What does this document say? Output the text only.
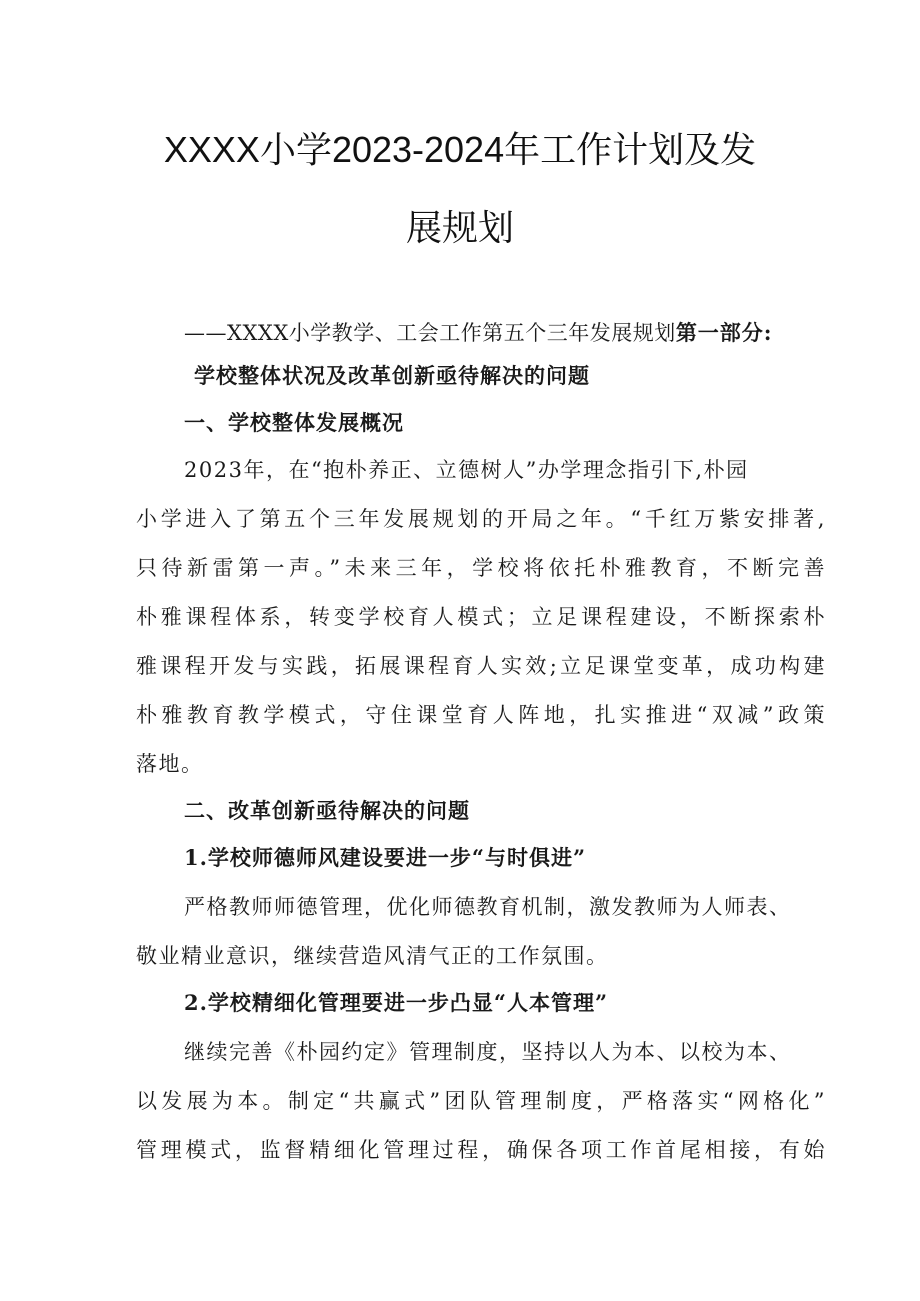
XXXX小学2023-2024年工作计划及发
展规划
——XXXX小学教学、工会工作第五个三年发展规划第一部分:
学校整体状况及改革创新亟待解决的问题
一、学校整体发展概况
2023年，在“抱朴养正、立德树人”办学理念指引下,朴园
小学进入了第五个三年发展规划的开局之年。“千红万紫安排著,
只待新雷第一声。”未来三年，学校将依托朴雅教育，不断完善
朴雅课程体系，转变学校育人模式；立足课程建设，不断探索朴
雅课程开发与实践，拓展课程育人实效;立足课堂变革，成功构建
朴雅教育教学模式，守住课堂育人阵地，扎实推进“双减”政策
落地。
二、改革创新亟待解决的问题
1.学校师德师风建设要进一步“与时俱进”
严格教师师德管理，优化师德教育机制，激发教师为人师表、
敬业精业意识，继续营造风清气正的工作氛围。
2.学校精细化管理要进一步凸显“人本管理”
继续完善《朴园约定》管理制度，坚持以人为本、以校为本、
以发展为本。制定“共赢式”团队管理制度，严格落实“网格化”
管理模式，监督精细化管理过程，确保各项工作首尾相接，有始
